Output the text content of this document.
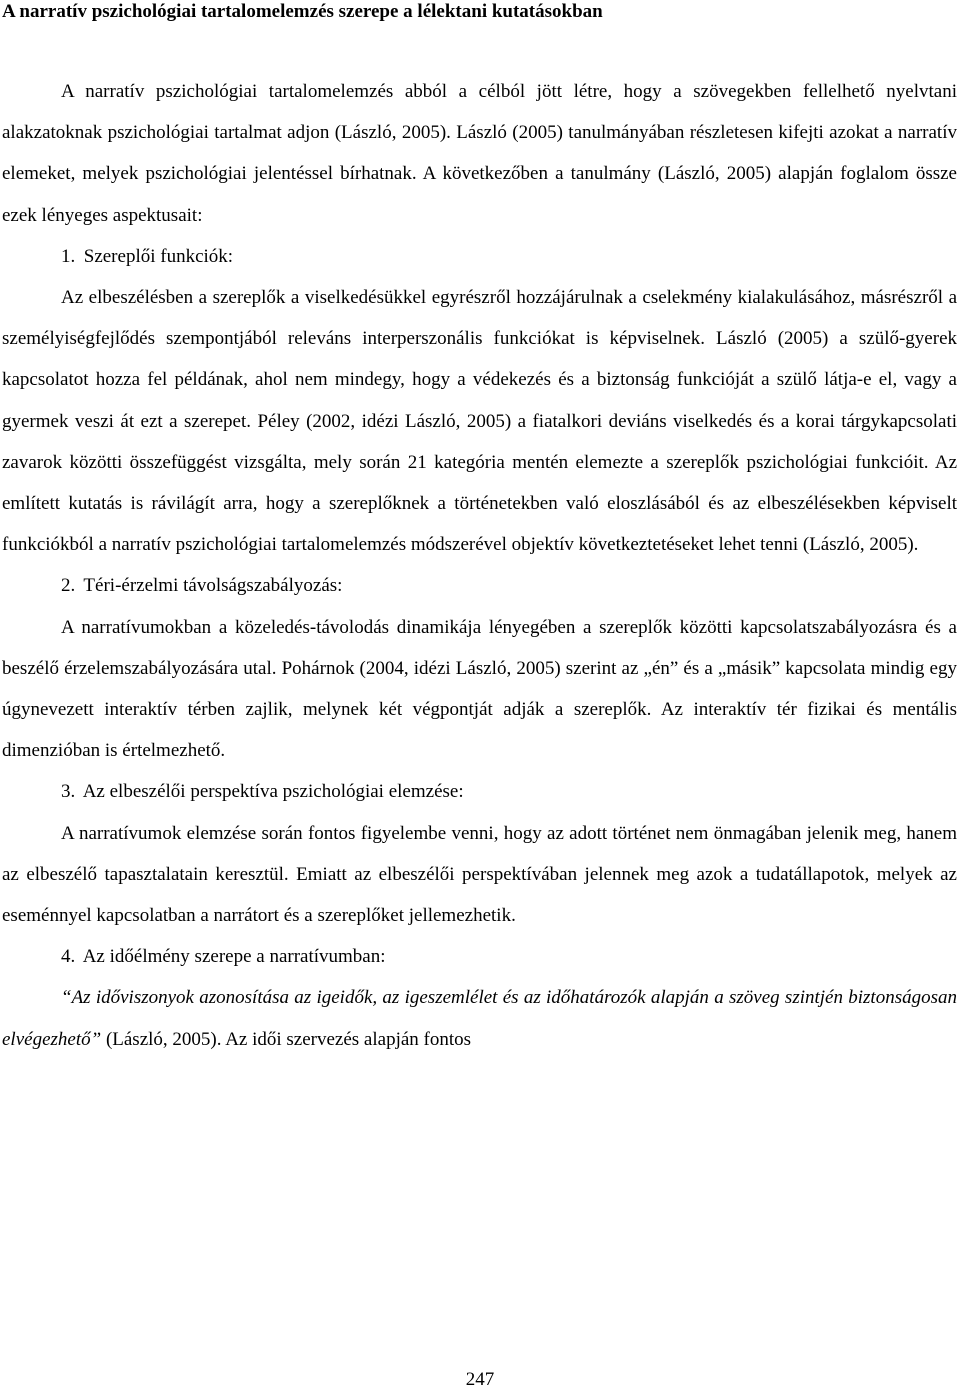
A narratív pszichológiai tartalomelemzés szerepe a lélektani kutatásokban

A narratív pszichológiai tartalomelemzés abból a célból jött létre, hogy a szövegekben fellelhető nyelvtani alakzatoknak pszichológiai tartalmat adjon (László, 2005). László (2005) tanulmányában részletesen kifejti azokat a narratív elemeket, melyek pszichológiai jelentéssel bírhatnak. A következőben a tanulmány (László, 2005) alapján foglalom össze ezek lényeges aspektusait:

1. Szereplői funkciók:

Az elbeszélésben a szereplők a viselkedésükkel egyrészről hozzájárulnak a cselekmény kialakulásához, másrészről a személyiségfejlődés szempontjából releváns interperszonális funkciókat is képviselnek. László (2005) a szülő-gyerek kapcsolatot hozza fel példának, ahol nem mindegy, hogy a védekezés és a biztonság funkcióját a szülő látja-e el, vagy a gyermek veszi át ezt a szerepet. Péley (2002, idézi László, 2005) a fiatalkori deviáns viselkedés és a korai tárgykapcsolati zavarok közötti összefüggést vizsgálta, mely során 21 kategória mentén elemezte a szereplők pszichológiai funkcióit. Az említett kutatás is rávilágít arra, hogy a szereplőknek a történetekben való eloszlásából és az elbeszélésekben képviselt funkciókból a narratív pszichológiai tartalomelemzés módszerével objektív következtetéseket lehet tenni (László, 2005).

2. Téri-érzelmi távolságszabályozás:

A narratívumokban a közeledés-távolodás dinamikája lényegében a szereplők közötti kapcsolatszabályozásra és a beszélő érzelemszabályozására utal. Pohárnok (2004, idézi László, 2005) szerint az „én” és a „másik” kapcsolata mindig egy úgynevezett interaktív térben zajlik, melynek két végpontját adják a szereplők. Az interaktív tér fizikai és mentális dimenzióban is értelmezhető.

3. Az elbeszélői perspektíva pszichológiai elemzése:

A narratívumok elemzése során fontos figyelembe venni, hogy az adott történet nem önmagában jelenik meg, hanem az elbeszélő tapasztalatain keresztül. Emiatt az elbeszélői perspektívában jelennek meg azok a tudatállapotok, melyek az eseménnyel kapcsolatban a narrátort és a szereplőket jellemezhetik.

4. Az időélmény szerepe a narratívumban:

“Az időviszonyok azonosítása az igeidők, az igeszemlélet és az időhatározók alapján a szöveg szintjén biztonságosan elvégezhető” (László, 2005). Az idői szervezés alapján fontos

247
